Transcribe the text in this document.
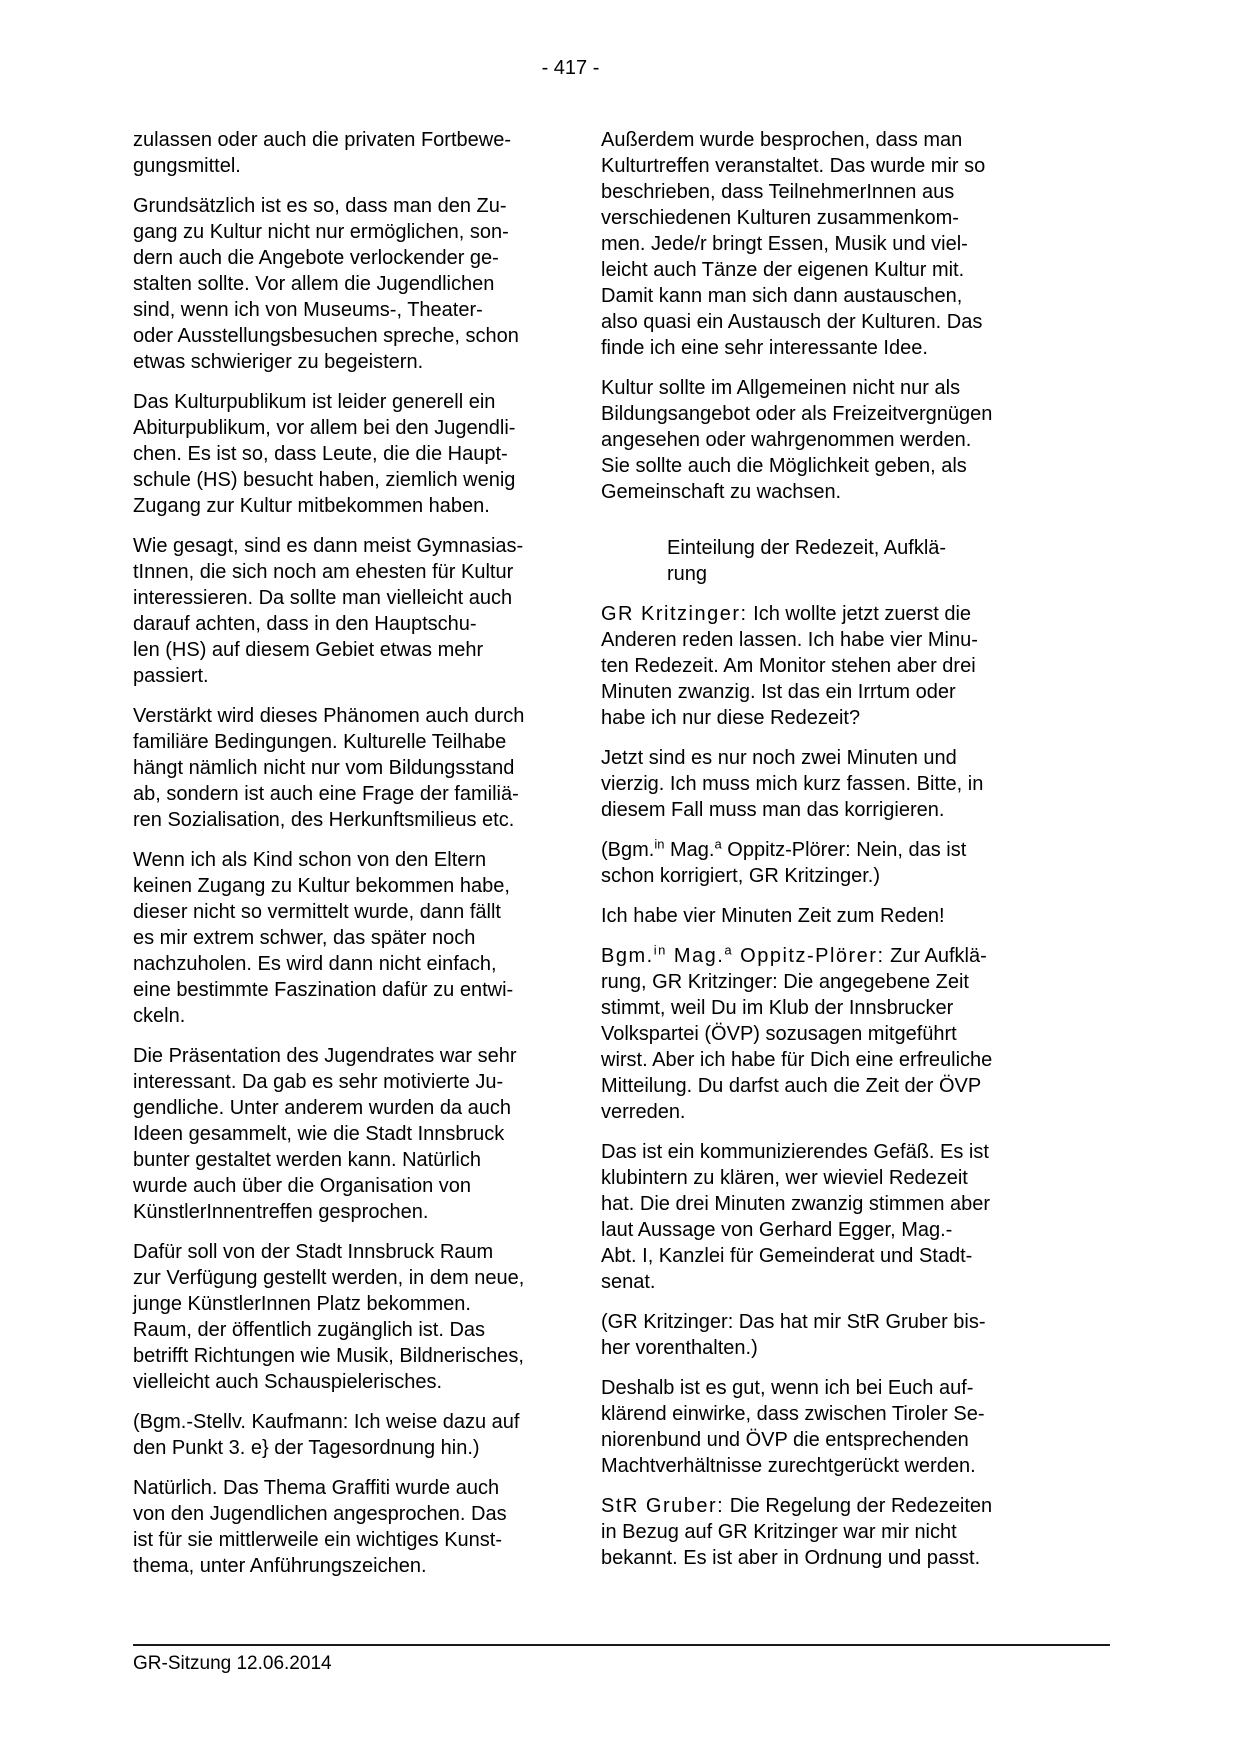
- 417 -

zulassen oder auch die privaten Fortbewe-
gungsmittel.

Grundsätzlich ist es so, dass man den Zu-
gang zu Kultur nicht nur ermöglichen, son-
dern auch die Angebote verlockender ge-
stalten sollte. Vor allem die Jugendlichen
sind, wenn ich von Museums-, Theater-
oder Ausstellungsbesuchen spreche, schon
etwas schwieriger zu begeistern.

Das Kulturpublikum ist leider generell ein
Abiturpublikum, vor allem bei den Jugendli-
chen. Es ist so, dass Leute, die die Haupt-
schule (HS) besucht haben, ziemlich wenig
Zugang zur Kultur mitbekommen haben.

Wie gesagt, sind es dann meist Gymnasias-
tInnen, die sich noch am ehesten für Kultur
interessieren. Da sollte man vielleicht auch
darauf achten, dass in den Hauptschu-
len (HS) auf diesem Gebiet etwas mehr
passiert.

Verstärkt wird dieses Phänomen auch durch
familiäre Bedingungen. Kulturelle Teilhabe
hängt nämlich nicht nur vom Bildungsstand
ab, sondern ist auch eine Frage der familiä-
ren Sozialisation, des Herkunftsmilieus etc.

Wenn ich als Kind schon von den Eltern
keinen Zugang zu Kultur bekommen habe,
dieser nicht so vermittelt wurde, dann fällt
es mir extrem schwer, das später noch
nachzuholen. Es wird dann nicht einfach,
eine bestimmte Faszination dafür zu entwi-
ckeln.

Die Präsentation des Jugendrates war sehr
interessant. Da gab es sehr motivierte Ju-
gendliche. Unter anderem wurden da auch
Ideen gesammelt, wie die Stadt Innsbruck
bunter gestaltet werden kann. Natürlich
wurde auch über die Organisation von
KünstlerInnentreffen gesprochen.

Dafür soll von der Stadt Innsbruck Raum
zur Verfügung gestellt werden, in dem neue,
junge KünstlerInnen Platz bekommen.
Raum, der öffentlich zugänglich ist. Das
betrifft Richtungen wie Musik, Bildnerisches,
vielleicht auch Schauspielerisches.

(Bgm.-Stellv. Kaufmann: Ich weise dazu auf
den Punkt 3. e} der Tagesordnung hin.)

Natürlich. Das Thema Graffiti wurde auch
von den Jugendlichen angesprochen. Das
ist für sie mittlerweile ein wichtiges Kunst-
thema, unter Anführungszeichen.

Außerdem wurde besprochen, dass man
Kulturtreffen veranstaltet. Das wurde mir so
beschrieben, dass TeilnehmerInnen aus
verschiedenen Kulturen zusammenkom-
men. Jede/r bringt Essen, Musik und viel-
leicht auch Tänze der eigenen Kultur mit.
Damit kann man sich dann austauschen,
also quasi ein Austausch der Kulturen. Das
finde ich eine sehr interessante Idee.

Kultur sollte im Allgemeinen nicht nur als
Bildungsangebot oder als Freizeitvergnügen
angesehen oder wahrgenommen werden.
Sie sollte auch die Möglichkeit geben, als
Gemeinschaft zu wachsen.

Einteilung der Redezeit, Aufklä-
rung

GR Kritzinger: Ich wollte jetzt zuerst die
Anderen reden lassen. Ich habe vier Minu-
ten Redezeit. Am Monitor stehen aber drei
Minuten zwanzig. Ist das ein Irrtum oder
habe ich nur diese Redezeit?

Jetzt sind es nur noch zwei Minuten und
vierzig. Ich muss mich kurz fassen. Bitte, in
diesem Fall muss man das korrigieren.

(Bgm.$^{in}$ Mag.$^a$ Oppitz-Plörer: Nein, das ist
schon korrigiert, GR Kritzinger.)

Ich habe vier Minuten Zeit zum Reden!

Bgm.$^{in}$ Mag.$^a$ Oppitz-Plörer: Zur Aufklä-
rung, GR Kritzinger: Die angegebene Zeit
stimmt, weil Du im Klub der Innsbrucker
Volkspartei (ÖVP) sozusagen mitgeführt
wirst. Aber ich habe für Dich eine erfreuliche
Mitteilung. Du darfst auch die Zeit der ÖVP
verreden.

Das ist ein kommunizierendes Gefäß. Es ist
klubintern zu klären, wer wieviel Redezeit
hat. Die drei Minuten zwanzig stimmen aber
laut Aussage von Gerhard Egger, Mag.-
Abt. I, Kanzlei für Gemeinderat und Stadt-
senat.

(GR Kritzinger: Das hat mir StR Gruber bis-
her vorenthalten.)

Deshalb ist es gut, wenn ich bei Euch auf-
klärend einwirke, dass zwischen Tiroler Se-
niorenbund und ÖVP die entsprechenden
Machtverhältnisse zurechtgerückt werden.

StR Gruber: Die Regelung der Redezeiten
in Bezug auf GR Kritzinger war mir nicht
bekannt. Es ist aber in Ordnung und passt.

GR-Sitzung 12.06.2014
